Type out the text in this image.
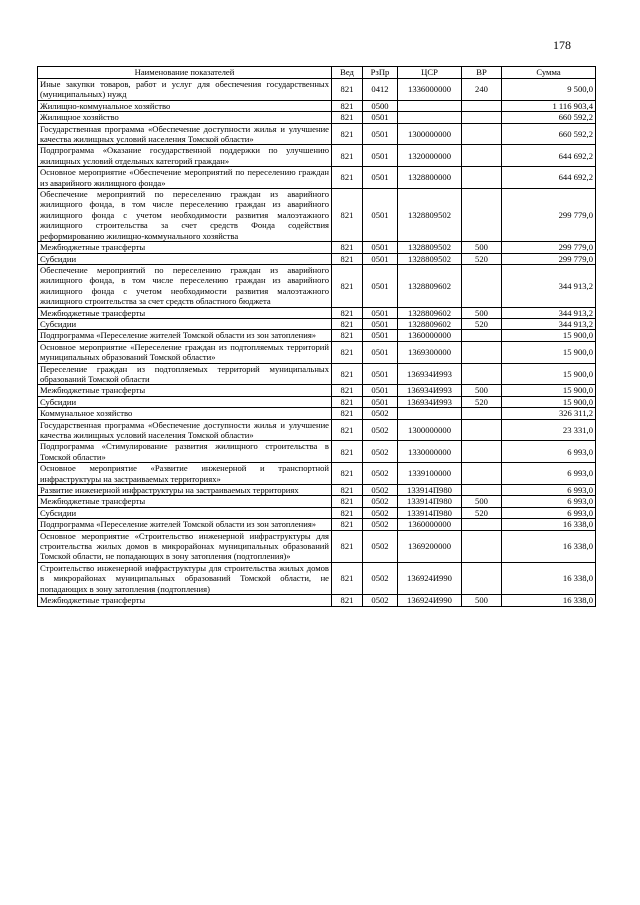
178
Наименование показателей	Вед	РзПр	ЦСР	ВР	Сумма
Иные закупки товаров, работ и услуг для обеспечения государственных (муниципальных) нужд	821	0412	1336000000	240	9 500,0
Жилищно-коммунальное хозяйство	821	0500			1 116 903,4
Жилищное хозяйство	821	0501			660 592,2
Государственная программа «Обеспечение доступности жилья и улучшение качества жилищных условий населения Томской области»	821	0501	1300000000		660 592,2
Подпрограмма «Оказание государственной поддержки по улучшению жилищных условий отдельных категорий граждан»	821	0501	1320000000		644 692,2
Основное мероприятие «Обеспечение мероприятий по переселению граждан из аварийного жилищного фонда»	821	0501	1328800000		644 692,2
Обеспечение мероприятий по переселению граждан из аварийного жилищного фонда, в том числе переселению граждан из аварийного жилищного фонда с учетом необходимости развития малоэтажного жилищного строительства за счет средств Фонда содействия реформированию жилищно-коммунального хозяйства	821	0501	1328809502		299 779,0
Межбюджетные трансферты	821	0501	1328809502	500	299 779,0
Субсидии	821	0501	1328809502	520	299 779,0
Обеспечение мероприятий по переселению граждан из аварийного жилищного фонда, в том числе переселению граждан из аварийного жилищного фонда с учетом необходимости развития малоэтажного жилищного строительства за счет средств областного бюджета	821	0501	1328809602		344 913,2
Межбюджетные трансферты	821	0501	1328809602	500	344 913,2
Субсидии	821	0501	1328809602	520	344 913,2
Подпрограмма «Переселение жителей Томской области из зон затопления»	821	0501	1360000000		15 900,0
Основное мероприятие «Переселение граждан из подтопляемых территорий муниципальных образований Томской области»	821	0501	1369300000		15 900,0
Переселение граждан из подтопляемых территорий муниципальных образований Томской области	821	0501	136934И993		15 900,0
Межбюджетные трансферты	821	0501	136934И993	500	15 900,0
Субсидии	821	0501	136934И993	520	15 900,0
Коммунальное хозяйство	821	0502			326 311,2
Государственная программа «Обеспечение доступности жилья и улучшение качества жилищных условий населения Томской области»	821	0502	1300000000		23 331,0
Подпрограмма «Стимулирование развития жилищного строительства в Томской области»	821	0502	1330000000		6 993,0
Основное мероприятие «Развитие инженерной и транспортной инфраструктуры на застраиваемых территориях»	821	0502	1339100000		6 993,0
Развитие инженерной инфраструктуры на застраиваемых территориях	821	0502	133914П980		6 993,0
Межбюджетные трансферты	821	0502	133914П980	500	6 993,0
Субсидии	821	0502	133914П980	520	6 993,0
Подпрограмма «Переселение жителей Томской области из зон затопления»	821	0502	1360000000		16 338,0
Основное мероприятие «Строительство инженерной инфраструктуры для строительства жилых домов в микрорайонах муниципальных образований Томской области, не попадающих в зону затопления (подтопления)»	821	0502	1369200000		16 338,0
Строительство инженерной инфраструктуры для строительства жилых домов в микрорайонах муниципальных образований Томской области, не попадающих в зону затопления (подтопления)	821	0502	136924И990		16 338,0
Межбюджетные трансферты	821	0502	136924И990	500	16 338,0
